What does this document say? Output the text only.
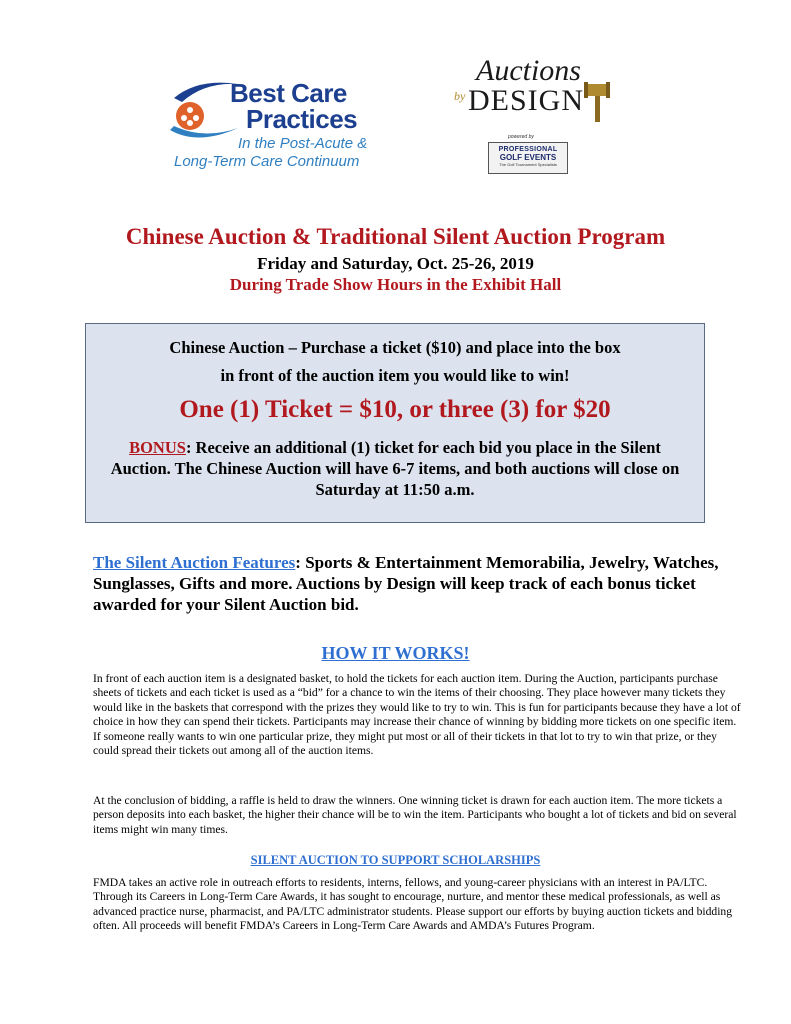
Best Care
Practices
In the Post-Acute &
Long-Term Care Continuum
Auctions
by DESIGN
powered by
PROFESSIONAL
GOLF EVENTS
The Golf Tournament Specialists
Chinese Auction & Traditional Silent Auction Program
Friday and Saturday, Oct. 25-26, 2019
During Trade Show Hours in the Exhibit Hall
Chinese Auction – Purchase a ticket ($10) and place into the box
in front of the auction item you would like to win!
One (1) Ticket = $10, or three (3) for $20
BONUS: Receive an additional (1) ticket for each bid you place in the Silent Auction. The Chinese Auction will have 6-7 items, and both auctions will close on Saturday at 11:50 a.m.
The Silent Auction Features: Sports & Entertainment Memorabilia, Jewelry, Watches, Sunglasses, Gifts and more. Auctions by Design will keep track of each bonus ticket awarded for your Silent Auction bid.
HOW IT WORKS!

In front of each auction item is a designated basket, to hold the tickets for each auction item. During the Auction, participants purchase sheets of tickets and each ticket is used as a “bid” for a chance to win the items of their choosing. They place however many tickets they would like in the baskets that correspond with the prizes they would like to try to win. This is fun for participants because they have a lot of choice in how they can spend their tickets. Participants may increase their chance of winning by bidding more tickets on one specific item. If someone really wants to win one particular prize, they might put most or all of their tickets in that lot to try to win that prize, or they could spread their tickets out among all of the auction items.

At the conclusion of bidding, a raffle is held to draw the winners. One winning ticket is drawn for each auction item. The more tickets a person deposits into each basket, the higher their chance will be to win the item. Participants who bought a lot of tickets and bid on several items might win many times.

SILENT AUCTION TO SUPPORT SCHOLARSHIPS

FMDA takes an active role in outreach efforts to residents, interns, fellows, and young-career physicians with an interest in PA/LTC. Through its Careers in Long-Term Care Awards, it has sought to encourage, nurture, and mentor these medical professionals, as well as advanced practice nurse, pharmacist, and PA/LTC administrator students. Please support our efforts by buying auction tickets and bidding often. All proceeds will benefit FMDA’s Careers in Long-Term Care Awards and AMDA’s Futures Program.
